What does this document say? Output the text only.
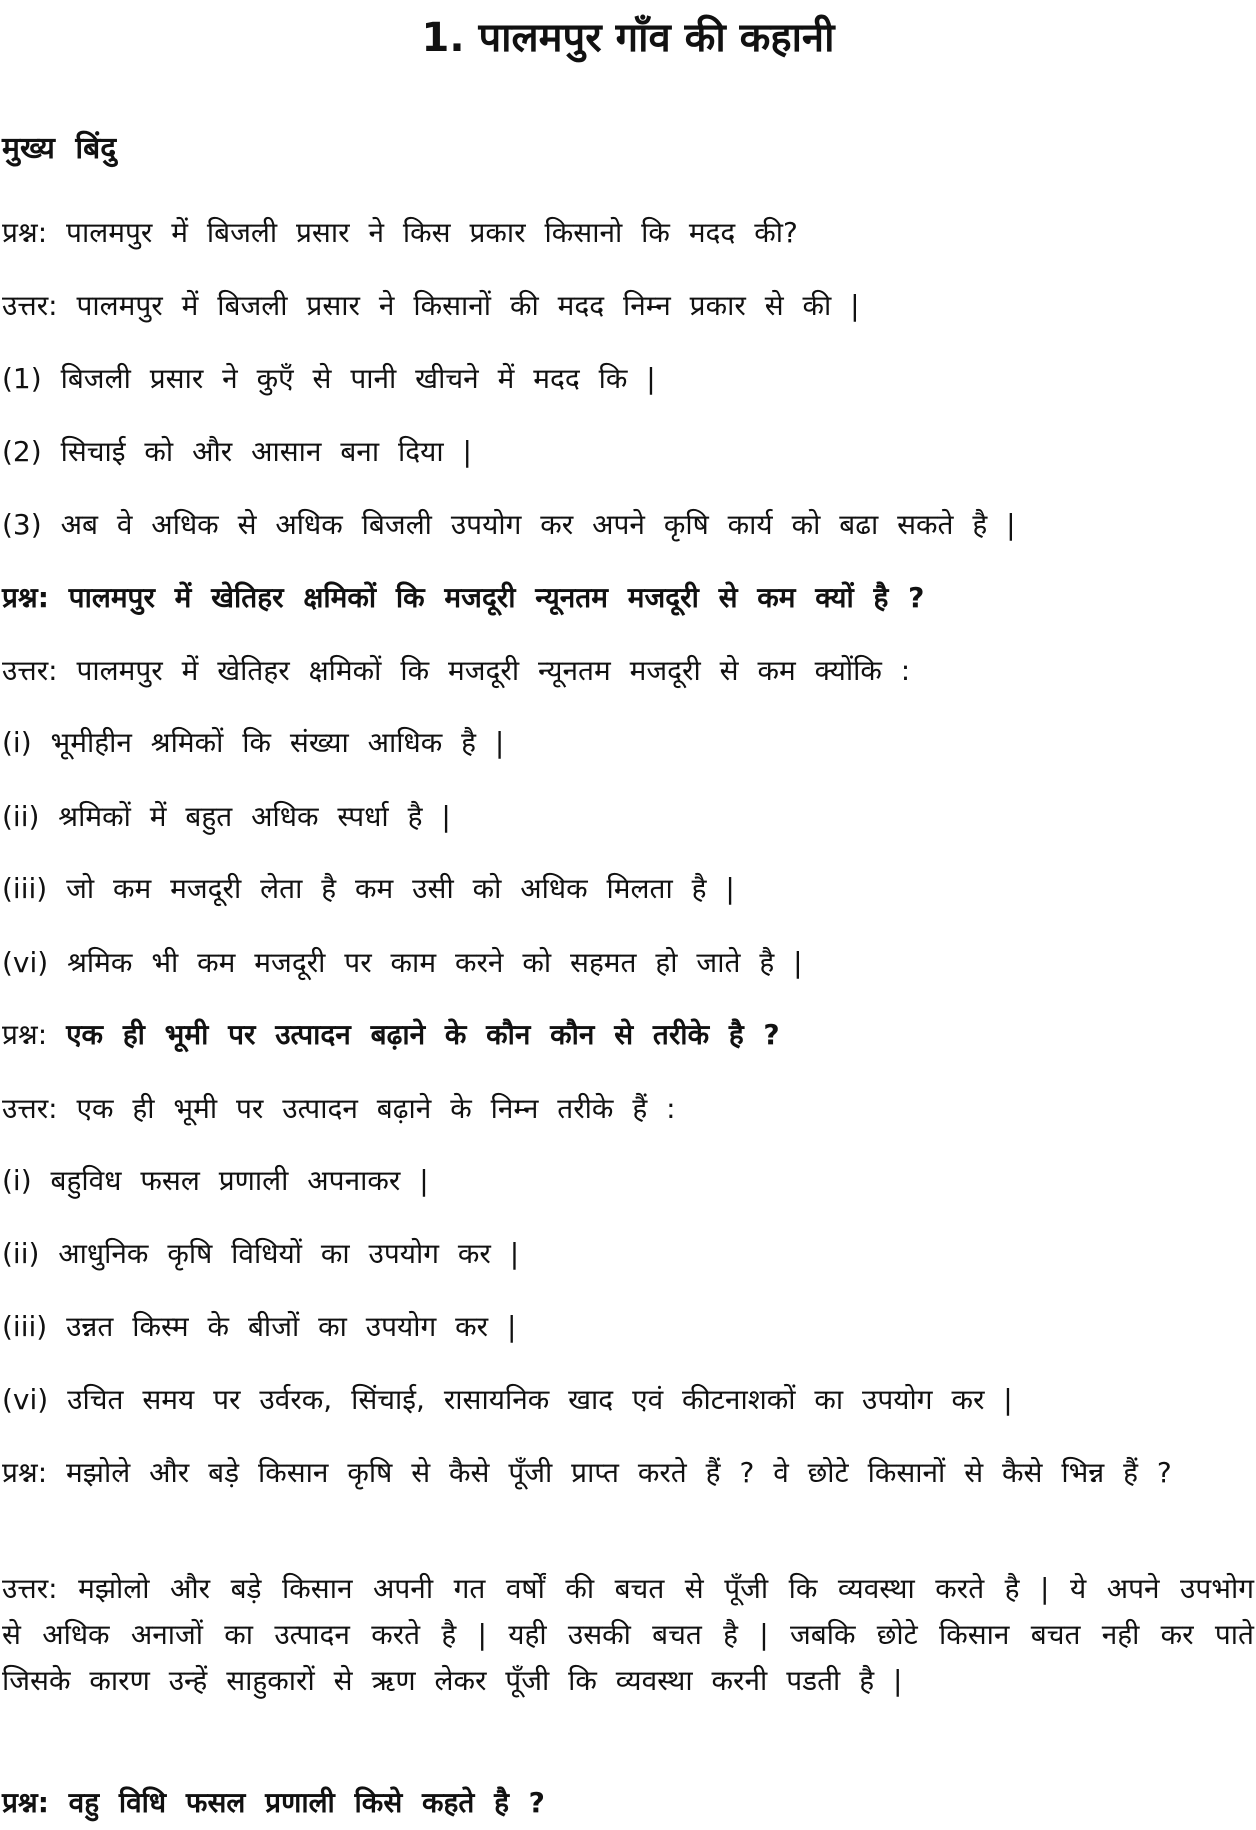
1. पालमपुर गाँव की कहानी
मुख्य बिंदु
प्रश्न: पालमपुर में बिजली प्रसार ने किस प्रकार किसानो कि मदद की?
उत्तर: पालमपुर में बिजली प्रसार ने किसानों की मदद निम्न प्रकार से की |
(1) बिजली प्रसार ने कुएँ से पानी खीचने में मदद कि |
(2) सिचाई को और आसान बना दिया |
(3) अब वे अधिक से अधिक बिजली उपयोग कर अपने कृषि कार्य को बढा सकते है |
प्रश्न: पालमपुर में खेतिहर क्षमिकों कि मजदूरी न्यूनतम मजदूरी से कम क्यों है ?
उत्तर: पालमपुर में खेतिहर क्षमिकों कि मजदूरी न्यूनतम मजदूरी से कम क्योंकि :
(i) भूमीहीन श्रमिकों कि संख्या आधिक है |
(ii) श्रमिकों में बहुत अधिक स्पर्धा है |
(iii) जो कम मजदूरी लेता है कम उसी को अधिक मिलता है |
(vi) श्रमिक भी कम मजदूरी पर काम करने को सहमत हो जाते है |
प्रश्न: एक ही भूमी पर उत्पादन बढ़ाने के कौन कौन से तरीके है ?
उत्तर: एक ही भूमी पर उत्पादन बढ़ाने के निम्न तरीके हैं :
(i) बहुविध फसल प्रणाली अपनाकर |
(ii) आधुनिक कृषि विधियों का उपयोग कर |
(iii) उन्नत किस्म के बीजों का उपयोग कर |
(vi) उचित समय पर उर्वरक, सिंचाई, रासायनिक खाद एवं कीटनाशकों का उपयोग कर |
प्रश्न: मझोले और बड़े किसान कृषि से कैसे पूँजी प्राप्त करते हैं ? वे छोटे किसानों से कैसे भिन्न हैं ?
उत्तर: मझोलो और बड़े किसान अपनी गत वर्षों की बचत से पूँजी कि व्यवस्था करते है | ये अपने उपभोग से अधिक अनाजों का उत्पादन करते है | यही उसकी बचत है | जबकि छोटे किसान बचत नही कर पाते जिसके कारण उन्हें साहुकारों से ऋण लेकर पूँजी कि व्यवस्था करनी पडती है |
प्रश्न: वहु विधि फसल प्रणाली किसे कहते है ?
